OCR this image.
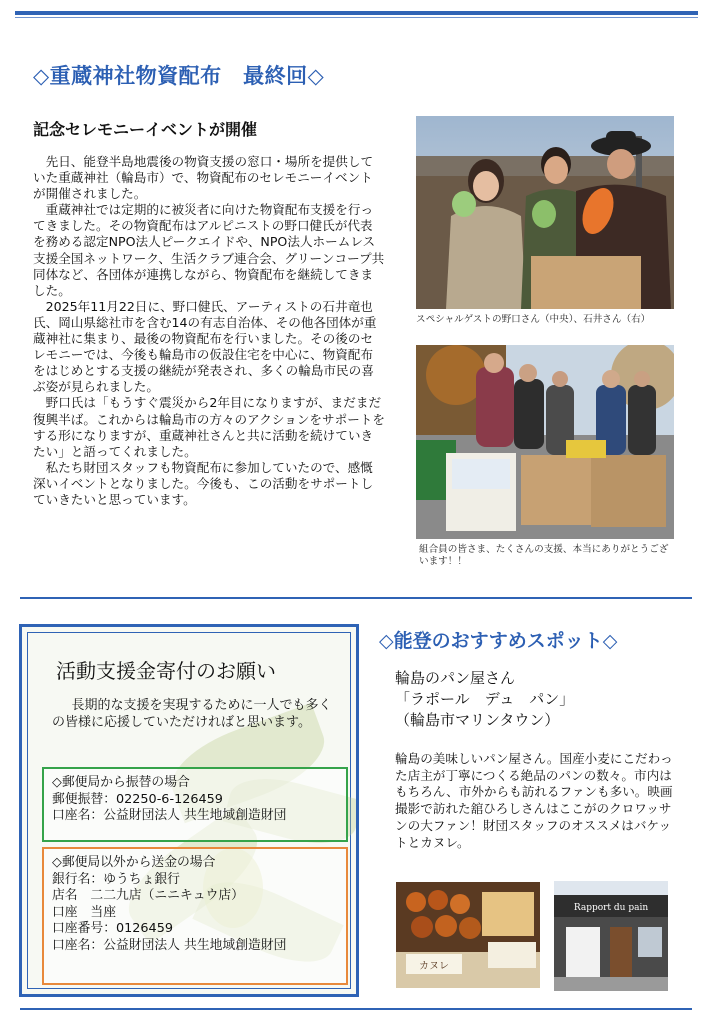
◇重蔵神社物資配布　最終回◇
記念セレモニーイベントが開催

先日、能登半島地震後の物資支援の窓口・場所を提供していた重蔵神社（輪島市）で、物資配布のセレモニーイベントが開催されました。

重蔵神社では定期的に被災者に向けた物資配布支援を行ってきました。その物資配布はアルピニストの野口健氏が代表を務める認定NPO法人ピークエイドや、NPO法人ホームレス支援全国ネットワーク、生活クラブ連合会、グリーンコープ共同体など、各団体が連携しながら、物資配布を継続してきました。

2025年11月22日に、野口健氏、アーティストの石井竜也氏、岡山県総社市を含む14の有志自治体、その他各団体が重蔵神社に集まり、最後の物資配布を行いました。その後のセレモニーでは、今後も輪島市の仮設住宅を中心に、物資配布をはじめとする支援の継続が発表され、多くの輪島市民の喜ぶ姿が見られました。

野口氏は「もうすぐ震災から2年目になりますが、まだまだ復興半ば。これからは輪島市の方々のアクションをサポートをする形になりますが、重蔵神社さんと共に活動を続けていきたい」と語ってくれました。

私たち財団スタッフも物資配布に参加していたので、感慨深いイベントとなりました。今後も、この活動をサポートしていきたいと思っています。

スペシャルゲストの野口さん（中央）、石井さん（右）
組合員の皆さま、たくさんの支援、本当にありがとうございます！！
活動支援金寄付のお願い

長期的な支援を実現するために一人でも多くの皆様に応援していただければと思います。

◇郵便局から振替の場合
郵便振替：02250-6-126459
口座名：公益財団法人 共生地域創造財団
◇郵便局以外から送金の場合
銀行名：ゆうちょ銀行
店名　二二九店（ニニキュウ店）
口座　当座
口座番号：0126459
口座名：公益財団法人 共生地域創造財団
◇能登のおすすめスポット◇
輪島のパン屋さん
「ラポール　デュ　パン」
（輪島市マリンタウン）
輪島の美味しいパン屋さん。国産小麦にこだわった店主が丁寧につくる絶品のパンの数々。市内はもちろん、市外からも訪れるファンも多い。映画撮影で訪れた舘ひろしさんはここがのクロワッサンの大ファン！財団スタッフのオススメはバケットとカヌレ。
カヌレ
Rapport du pain
